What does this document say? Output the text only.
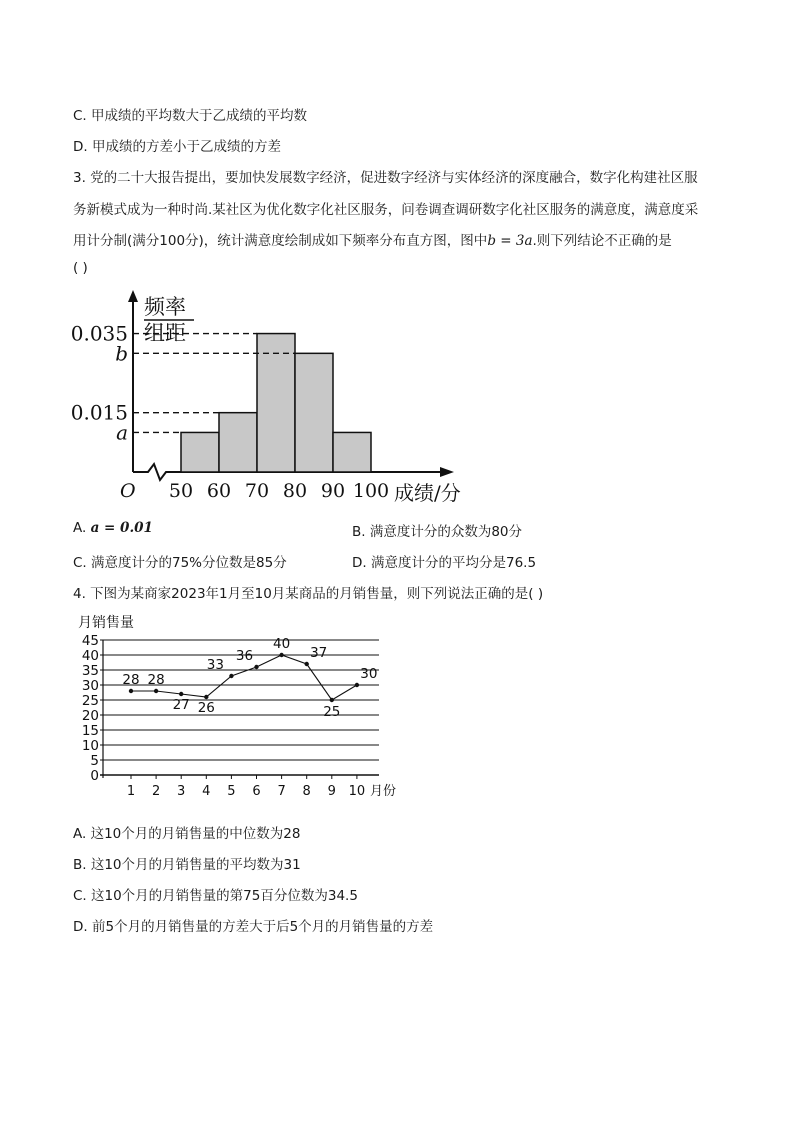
C. 甲成绩的平均数大于乙成绩的平均数
D. 甲成绩的方差小于乙成绩的方差
3. 党的二十大报告提出，要加快发展数字经济，促进数字经济与实体经济的深度融合，数字化构建社区服
务新模式成为一种时尚.某社区为优化数字化社区服务，问卷调查调研数字化社区服务的满意度，满意度采
用计分制(满分100分)，统计满意度绘制成如下频率分布直方图，图中b = 3a.则下列结论不正确的是
( )
频率
组距
O	成绩/分
50 60 70 80 90 100
0.035
b
0.015
a
A. a = 0.01	B. 满意度计分的众数为80分
C. 满意度计分的75%分位数是85分	D. 满意度计分的平均分是76.5
4. 下图为某商家2023年1月至10月某商品的月销售量，则下列说法正确的是( )
月销售量
0
5
10
15
20
25
30
35
40
45
1 2 3 4 5 6 7 8 9 10 月份
28 28
27 26
33
36
40
37
25
30
A. 这10个月的月销售量的中位数为28
B. 这10个月的月销售量的平均数为31
C. 这10个月的月销售量的第75百分位数为34.5
D. 前5个月的月销售量的方差大于后5个月的月销售量的方差
